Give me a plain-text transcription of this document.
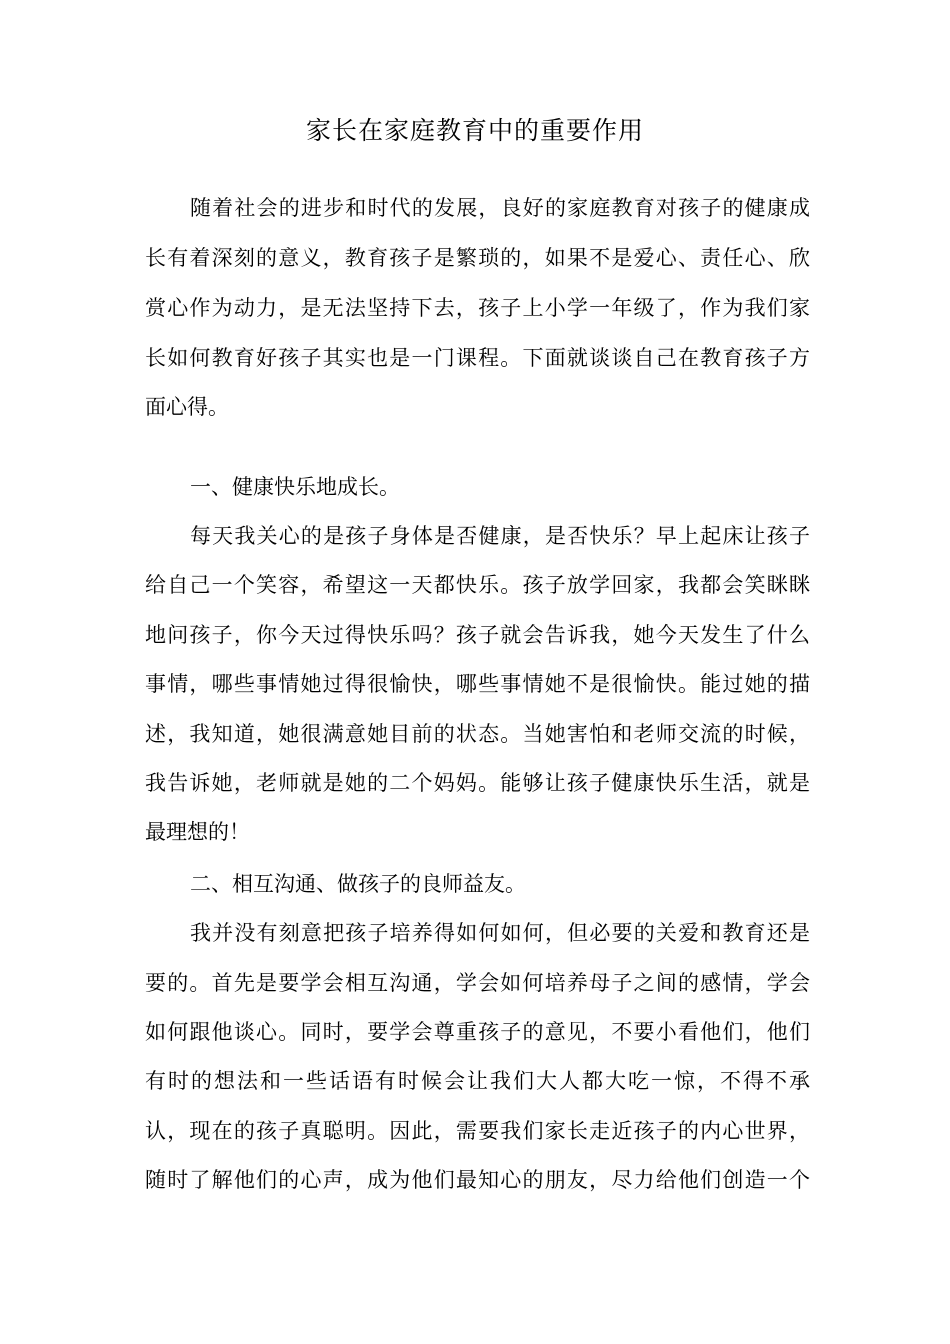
家长在家庭教育中的重要作用
随着社会的进步和时代的发展，良好的家庭教育对孩子的健康成
长有着深刻的意义，教育孩子是繁琐的，如果不是爱心、责任心、欣
赏心作为动力，是无法坚持下去，孩子上小学一年级了，作为我们家
长如何教育好孩子其实也是一门课程。下面就谈谈自己在教育孩子方
面心得。
一、健康快乐地成长。
每天我关心的是孩子身体是否健康，是否快乐？早上起床让孩子
给自己一个笑容，希望这一天都快乐。孩子放学回家，我都会笑眯眯
地问孩子，你今天过得快乐吗？孩子就会告诉我，她今天发生了什么
事情，哪些事情她过得很愉快，哪些事情她不是很愉快。能过她的描
述，我知道，她很满意她目前的状态。当她害怕和老师交流的时候，
我告诉她，老师就是她的二个妈妈。能够让孩子健康快乐生活，就是
最理想的！
二、相互沟通、做孩子的良师益友。
我并没有刻意把孩子培养得如何如何，但必要的关爱和教育还是
要的。首先是要学会相互沟通，学会如何培养母子之间的感情，学会
如何跟他谈心。同时，要学会尊重孩子的意见，不要小看他们，他们
有时的想法和一些话语有时候会让我们大人都大吃一惊，不得不承
认，现在的孩子真聪明。因此，需要我们家长走近孩子的内心世界，
随时了解他们的心声，成为他们最知心的朋友，尽力给他们创造一个
